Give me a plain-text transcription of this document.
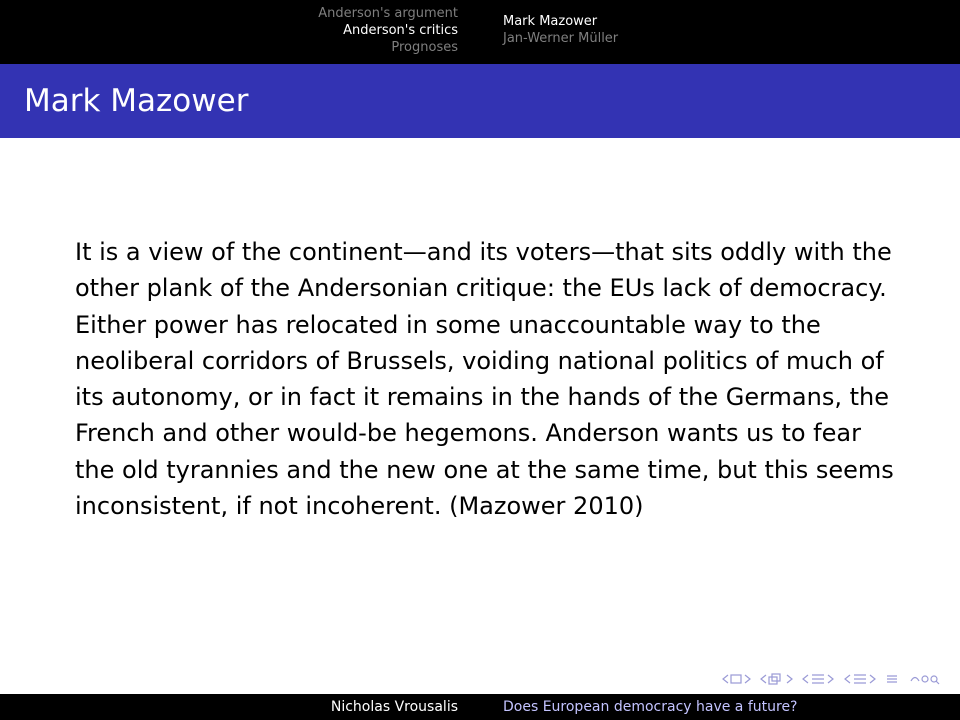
Anderson's argument
Anderson's critics
Prognoses
Mark Mazower
Jan-Werner Müller
Mark Mazower
It is a view of the continent—and its voters—that sits oddly with the other plank of the Andersonian critique: the EUs lack of democracy. Either power has relocated in some unaccountable way to the neoliberal corridors of Brussels, voiding national politics of much of its autonomy, or in fact it remains in the hands of the Germans, the French and other would-be hegemons. Anderson wants us to fear the old tyrannies and the new one at the same time, but this seems inconsistent, if not incoherent. (Mazower 2010)
Nicholas Vrousalis	Does European democracy have a future?
